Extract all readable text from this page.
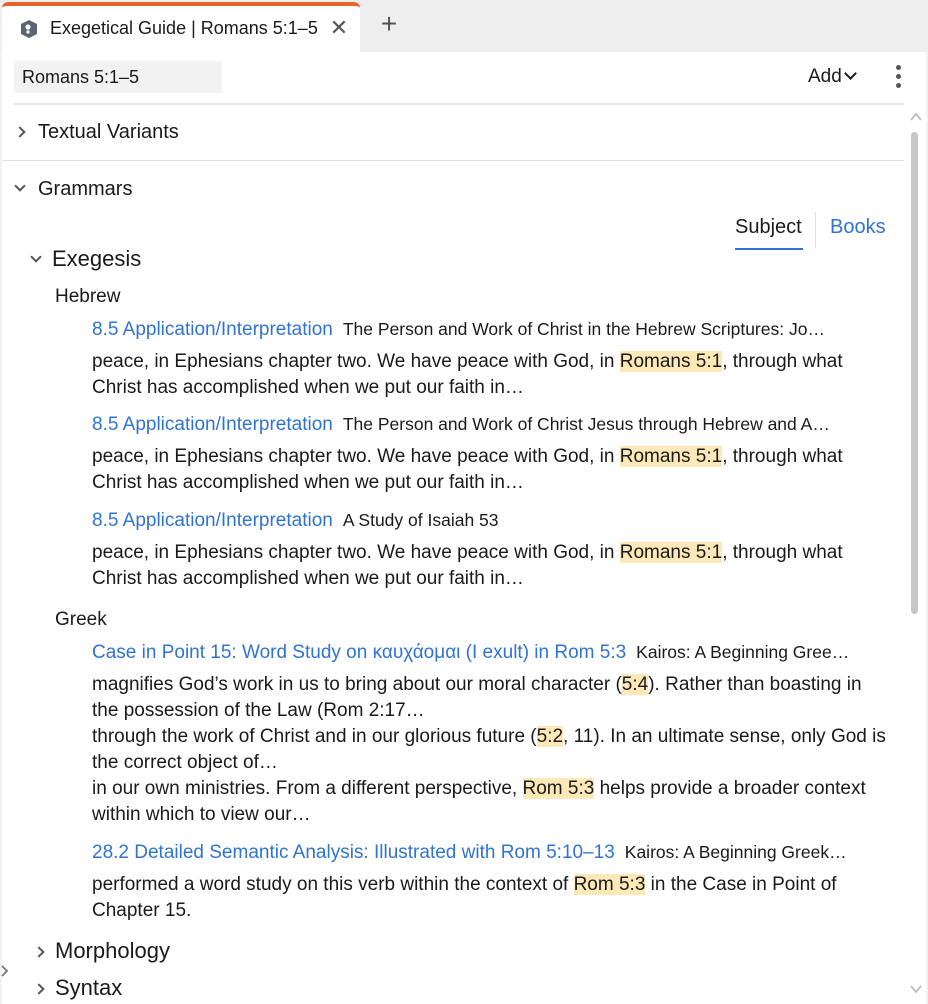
Exegetical Guide | Romans 5:1–5 ✕ +
Romans 5:1–5
Add
Textual Variants
Grammars
Subject Books
Exegesis
Hebrew
8.5 Application/Interpretation The Person and Work of Christ in the Hebrew Scriptures: Jo…
peace, in Ephesians chapter two. We have peace with God, in Romans 5:1, through what Christ has accomplished when we put our faith in…
8.5 Application/Interpretation The Person and Work of Christ Jesus through Hebrew and A…
peace, in Ephesians chapter two. We have peace with God, in Romans 5:1, through what Christ has accomplished when we put our faith in…
8.5 Application/Interpretation A Study of Isaiah 53
peace, in Ephesians chapter two. We have peace with God, in Romans 5:1, through what Christ has accomplished when we put our faith in…
Greek
Case in Point 15: Word Study on καυχάομαι (I exult) in Rom 5:3 Kairos: A Beginning Gree…
magnifies God’s work in us to bring about our moral character (5:4). Rather than boasting in the possession of the Law (Rom 2:17…
through the work of Christ and in our glorious future (5:2, 11). In an ultimate sense, only God is the correct object of…
in our own ministries. From a different perspective, Rom 5:3 helps provide a broader context within which to view our…
28.2 Detailed Semantic Analysis: Illustrated with Rom 5:10–13 Kairos: A Beginning Greek…
performed a word study on this verb within the context of Rom 5:3 in the Case in Point of Chapter 15.
Morphology
Syntax
